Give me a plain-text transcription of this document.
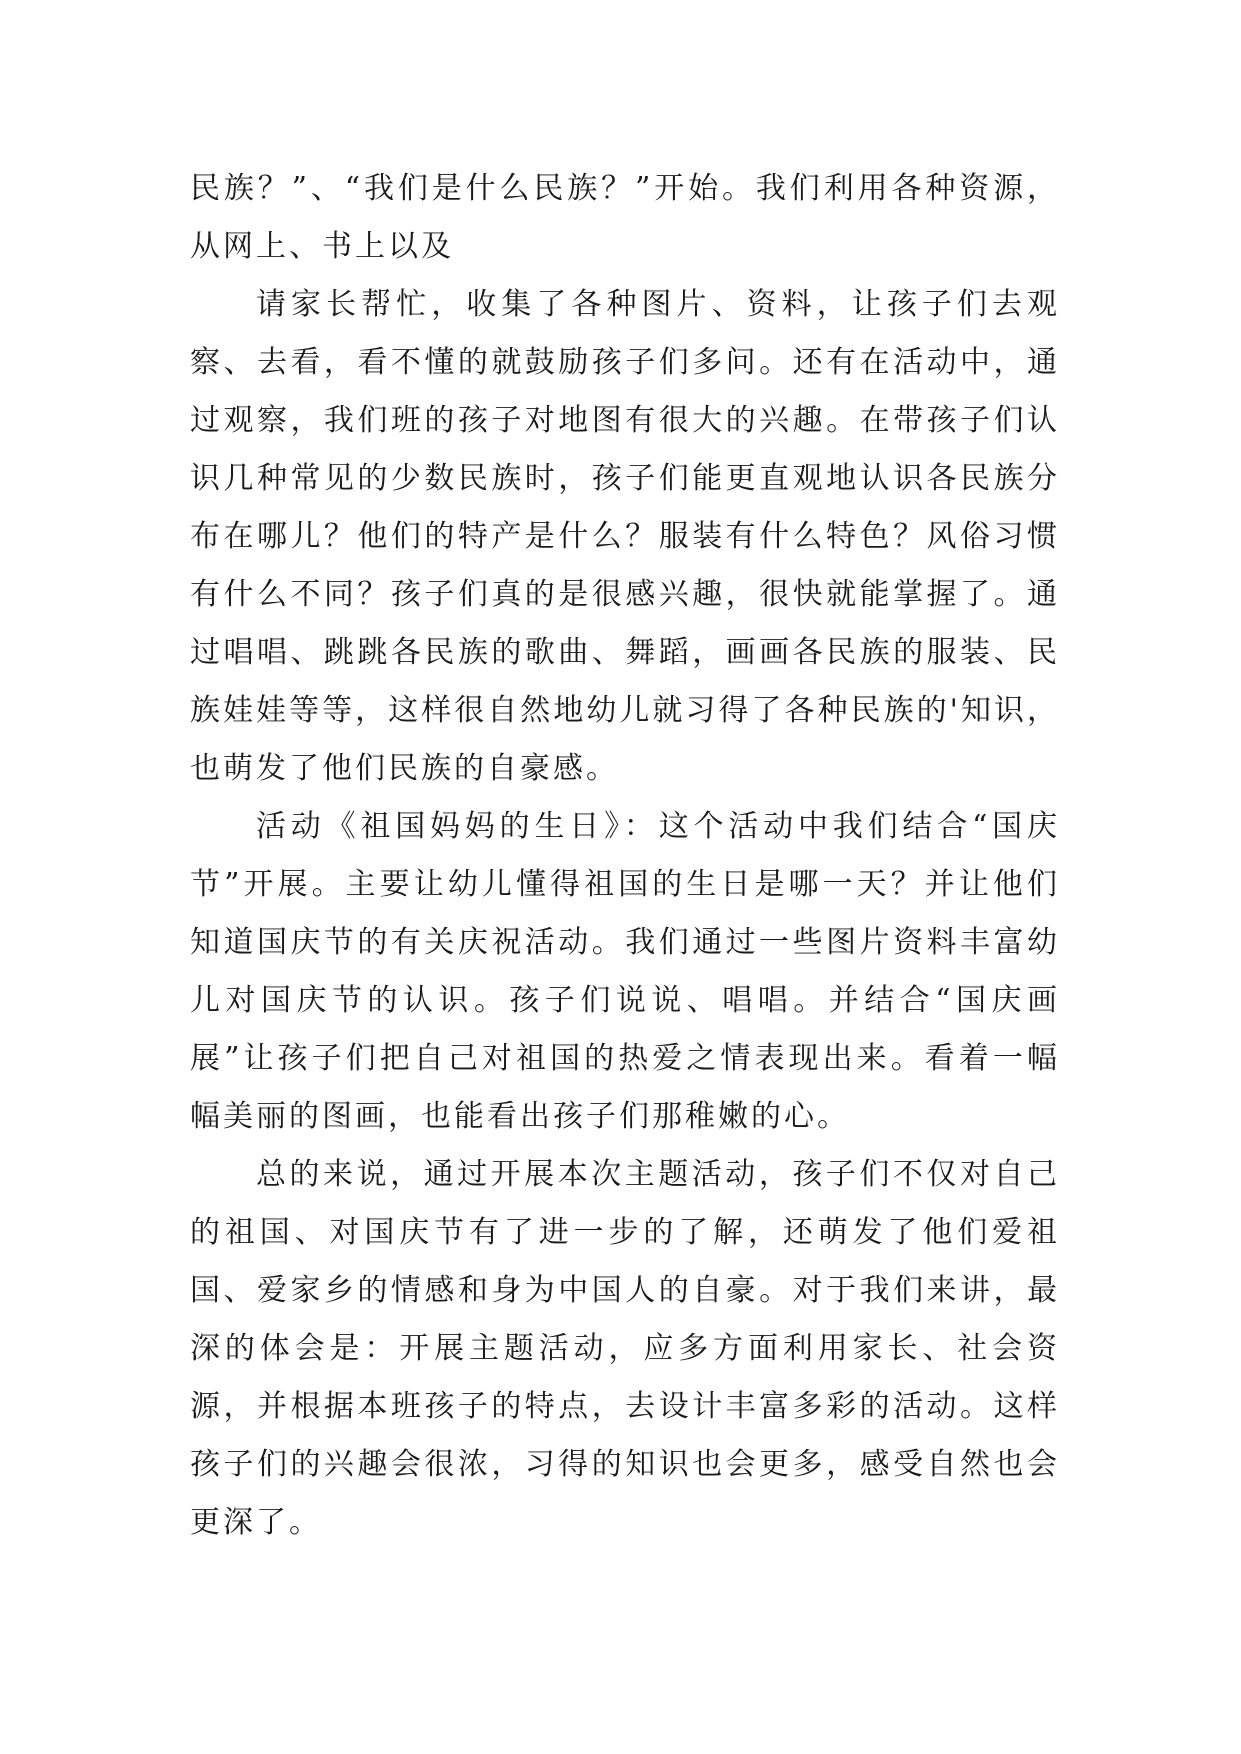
民族？”、“我们是什么民族？”开始。我们利用各种资源，从网上、书上以及

请家长帮忙，收集了各种图片、资料，让孩子们去观察、去看，看不懂的就鼓励孩子们多问。还有在活动中，通过观察，我们班的孩子对地图有很大的兴趣。在带孩子们认识几种常见的少数民族时，孩子们能更直观地认识各民族分布在哪儿？他们的特产是什么？服装有什么特色？风俗习惯有什么不同？孩子们真的是很感兴趣，很快就能掌握了。通过唱唱、跳跳各民族的歌曲、舞蹈，画画各民族的服装、民族娃娃等等，这样很自然地幼儿就习得了各种民族的'知识，也萌发了他们民族的自豪感。

活动《祖国妈妈的生日》：这个活动中我们结合“国庆节”开展。主要让幼儿懂得祖国的生日是哪一天？并让他们知道国庆节的有关庆祝活动。我们通过一些图片资料丰富幼儿对国庆节的认识。孩子们说说、唱唱。并结合“国庆画展”让孩子们把自己对祖国的热爱之情表现出来。看着一幅幅美丽的图画，也能看出孩子们那稚嫩的心。

总的来说，通过开展本次主题活动，孩子们不仅对自己的祖国、对国庆节有了进一步的了解，还萌发了他们爱祖国、爱家乡的情感和身为中国人的自豪。对于我们来讲，最深的体会是：开展主题活动，应多方面利用家长、社会资源，并根据本班孩子的特点，去设计丰富多彩的活动。这样孩子们的兴趣会很浓，习得的知识也会更多，感受自然也会更深了。
